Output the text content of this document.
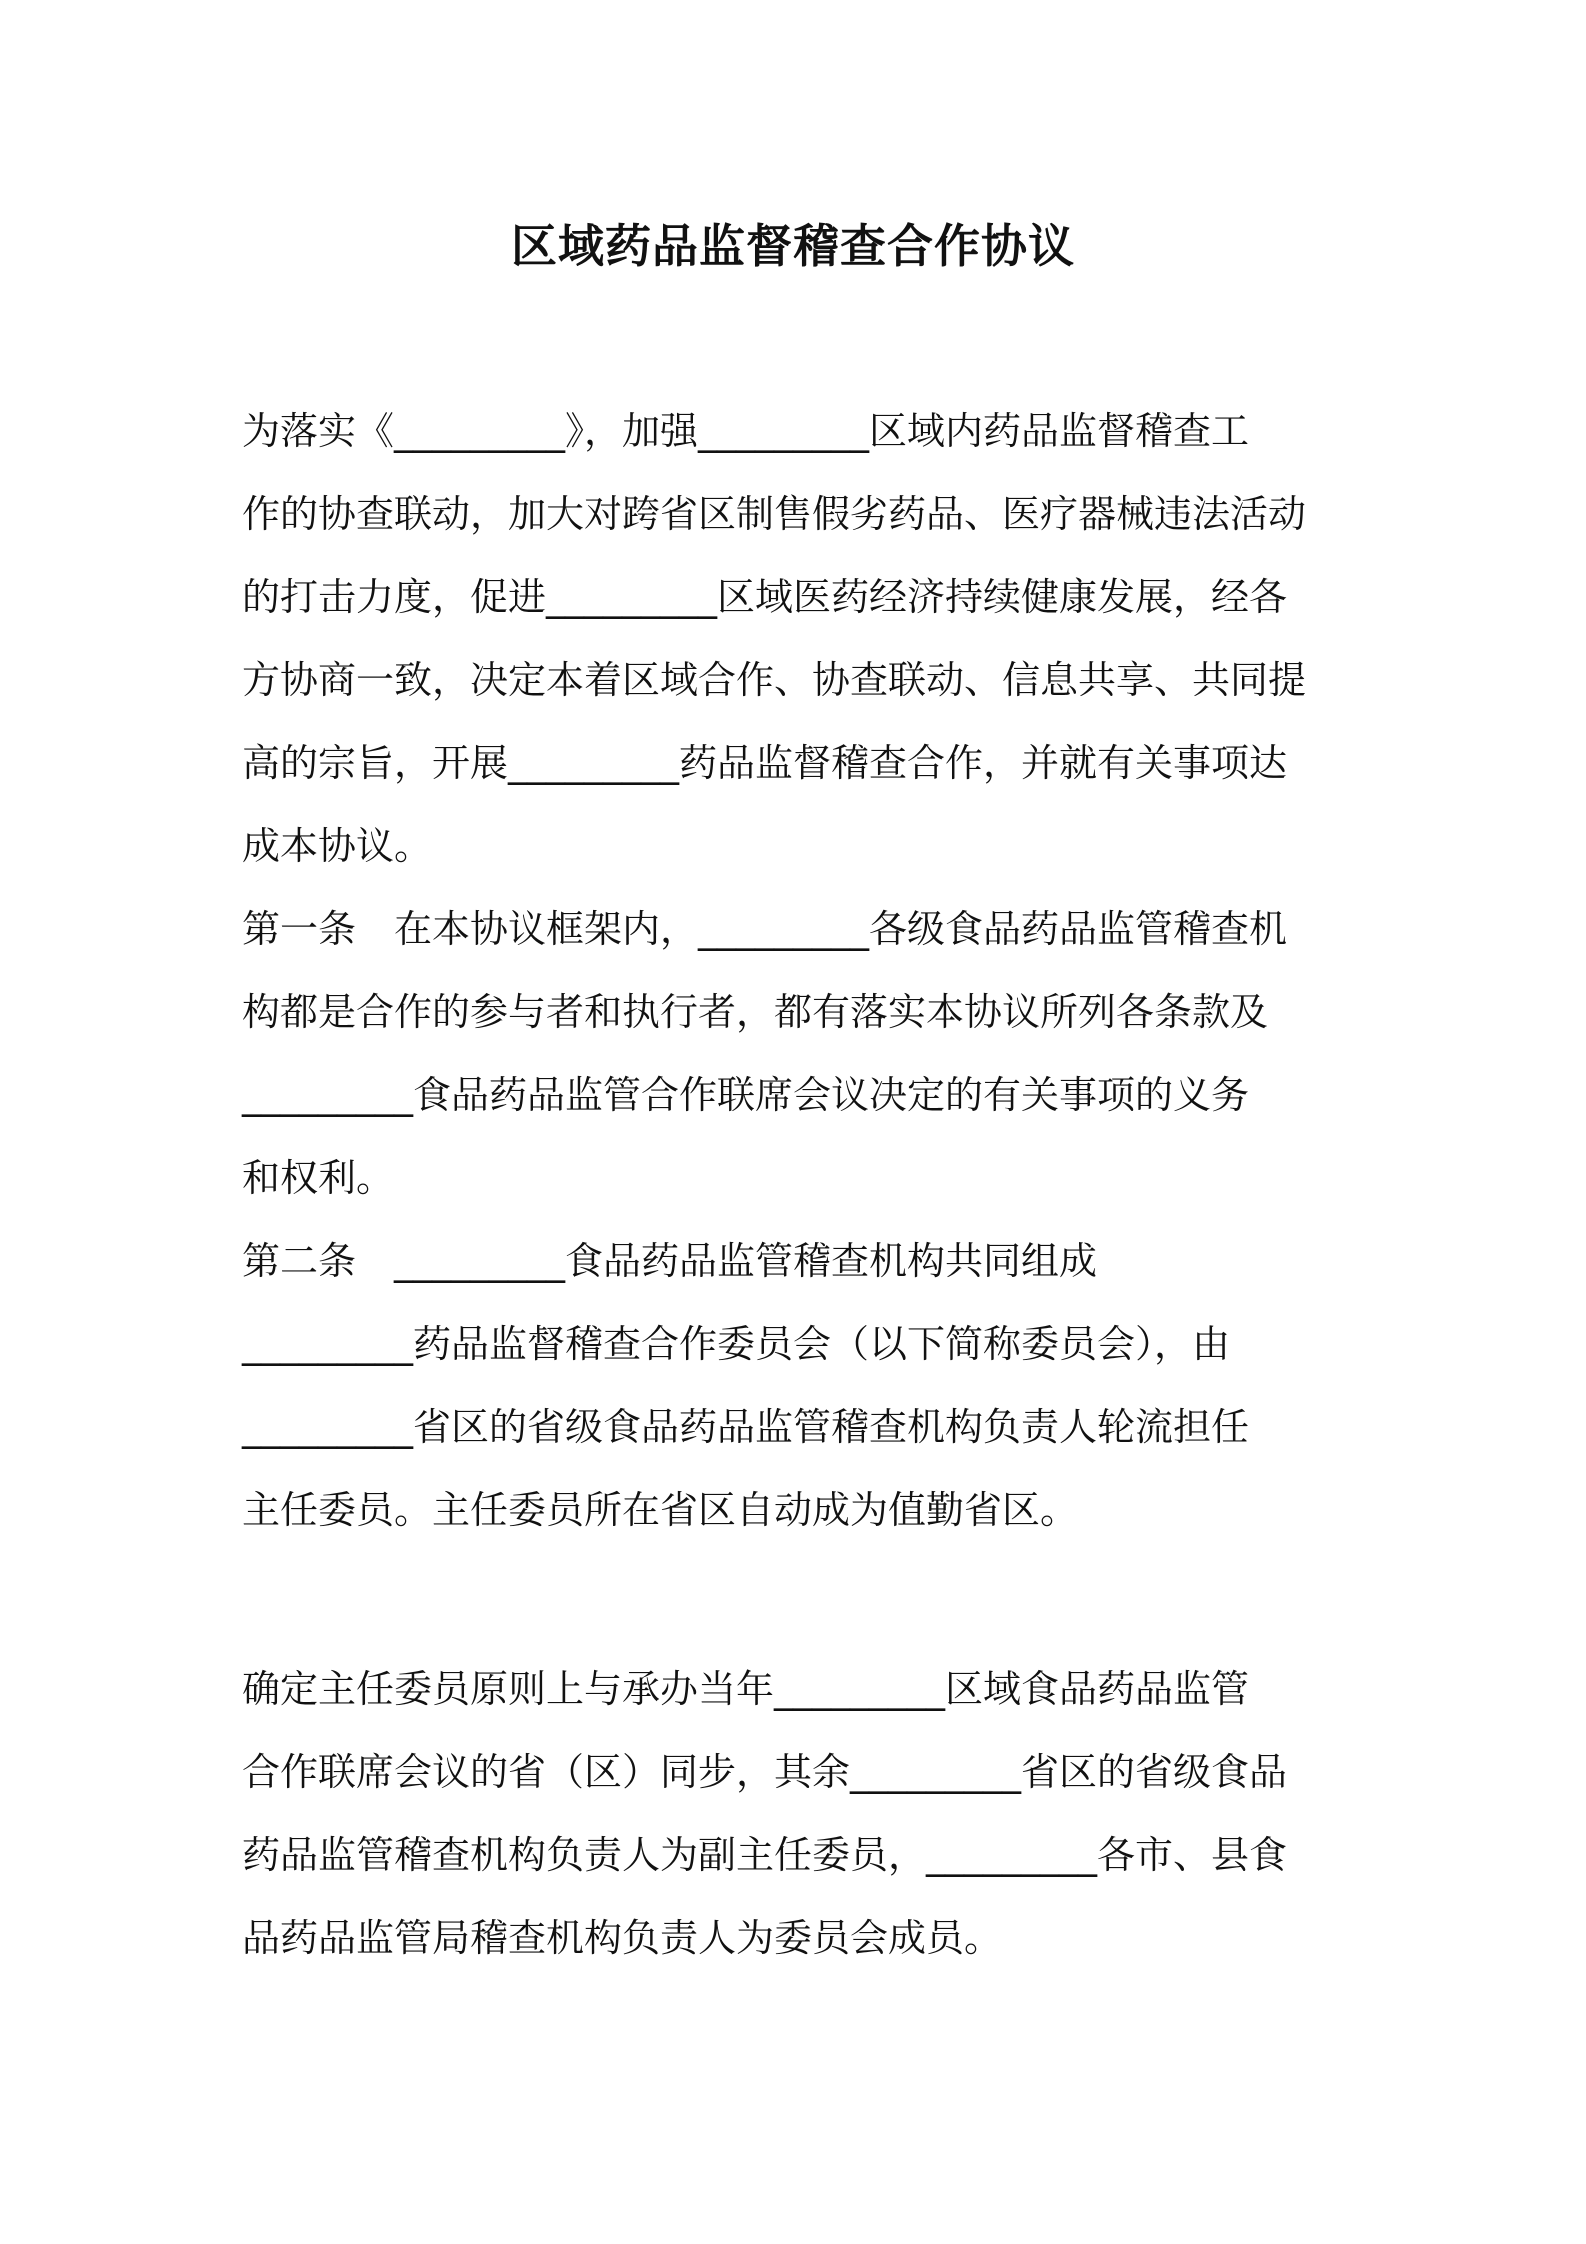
区域药品监督稽查合作协议
为落实《_________》，加强_________区域内药品监督稽查工
作的协查联动，加大对跨省区制售假劣药品、医疗器械违法活动
的打击力度，促进_________区域医药经济持续健康发展，经各
方协商一致，决定本着区域合作、协查联动、信息共享、共同提
高的宗旨，开展_________药品监督稽查合作，并就有关事项达
成本协议。
第一条　在本协议框架内，_________各级食品药品监管稽查机
构都是合作的参与者和执行者，都有落实本协议所列各条款及
_________食品药品监管合作联席会议决定的有关事项的义务
和权利。
第二条　_________食品药品监管稽查机构共同组成
_________药品监督稽查合作委员会（以下简称委员会），由
_________省区的省级食品药品监管稽查机构负责人轮流担任
主任委员。主任委员所在省区自动成为值勤省区。
确定主任委员原则上与承办当年_________区域食品药品监管
合作联席会议的省（区）同步，其余_________省区的省级食品
药品监管稽查机构负责人为副主任委员，_________各市、县食
品药品监管局稽查机构负责人为委员会成员。
